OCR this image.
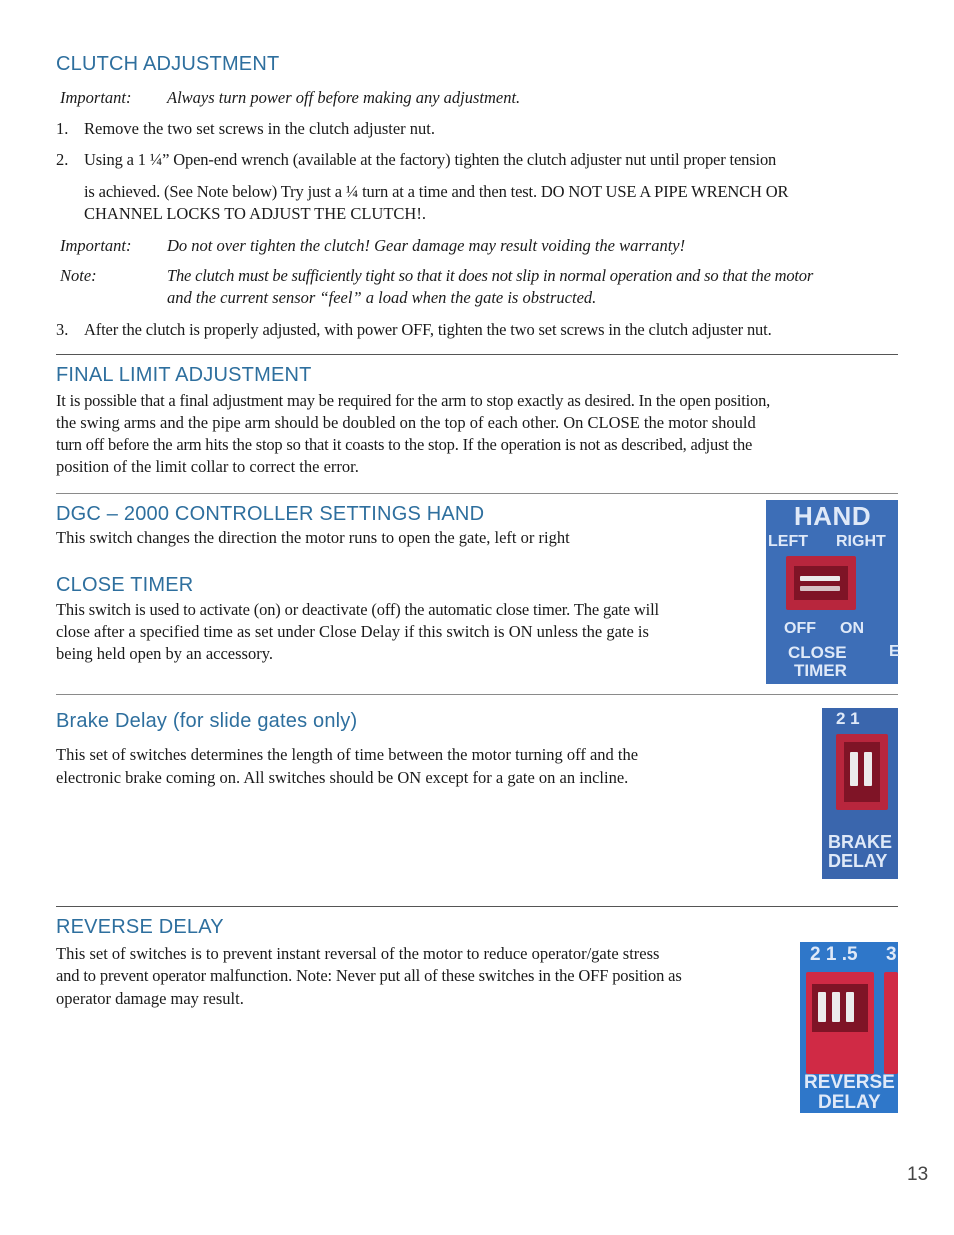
CLUTCH ADJUSTMENT
Important: Always turn power off before making any adjustment.
1. Remove the two set screws in the clutch adjuster nut.
2. Using a 1 ¼” Open-end wrench (available at the factory) tighten the clutch adjuster nut until proper tension
is achieved. (See Note below) Try just a ¼ turn at a time and then test. DO NOT USE A PIPE WRENCH OR
CHANNEL LOCKS TO ADJUST THE CLUTCH!.
Important: Do not over tighten the clutch! Gear damage may result voiding the warranty!
Note:	The clutch must be sufficiently tight so that it does not slip in normal operation and so that the motor
and the current sensor “feel” a load when the gate is obstructed.
3. After the clutch is properly adjusted, with power OFF, tighten the two set screws in the clutch adjuster nut.
FINAL LIMIT ADJUSTMENT
It is possible that a final adjustment may be required for the arm to stop exactly as desired. In the open position,
the swing arms and the pipe arm should be doubled on the top of each other. On CLOSE the motor should
turn off before the arm hits the stop so that it coasts to the stop. If the operation is not as described, adjust the
position of the limit collar to correct the error.
DGC – 2000 CONTROLLER SETTINGS HAND
This switch changes the direction the motor runs to open the gate, left or right
CLOSE TIMER
This switch is used to activate (on) or deactivate (off) the automatic close timer. The gate will
close after a specified time as set under Close Delay if this switch is ON unless the gate is
being held open by an accessory.
HAND
LEFT RIGHT
OFF ON
CLOSE
TIMER
E
Brake Delay (for slide gates only)
This set of switches determines the length of time between the motor turning off and the
electronic brake coming on. All switches should be ON except for a gate on an incline.
2 1
BRAKE
DELAY
REVERSE DELAY
This set of switches is to prevent instant reversal of the motor to reduce operator/gate stress
and to prevent operator malfunction. Note: Never put all of these switches in the OFF position as
operator damage may result.
2 1 .5 3
REVERSE
DELAY
13
